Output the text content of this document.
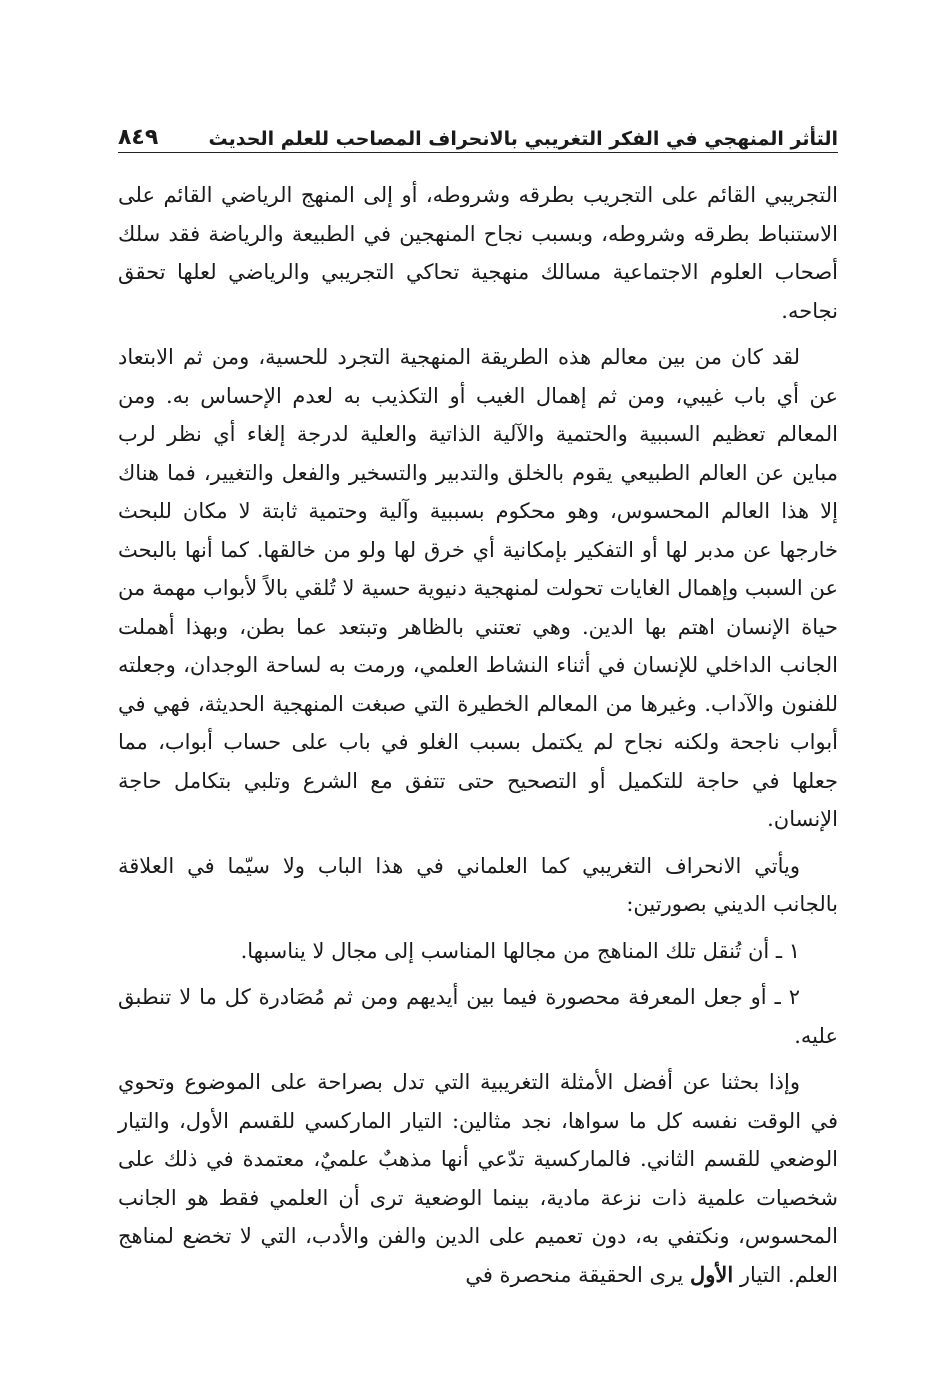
التأثر المنهجي في الفكر التغريبي بالانحراف المصاحب للعلم الحديث
٨٤٩

التجريبي القائم على التجريب بطرقه وشروطه، أو إلى المنهج الرياضي القائم على الاستنباط بطرقه وشروطه، وبسبب نجاح المنهجين في الطبيعة والرياضة فقد سلك أصحاب العلوم الاجتماعية مسالك منهجية تحاكي التجريبي والرياضي لعلها تحقق نجاحه.

لقد كان من بين معالم هذه الطريقة المنهجية التجرد للحسية، ومن ثم الابتعاد عن أي باب غيبي، ومن ثم إهمال الغيب أو التكذيب به لعدم الإحساس به. ومن المعالم تعظيم السببية والحتمية والآلية الذاتية والعلية لدرجة إلغاء أي نظر لرب مباين عن العالم الطبيعي يقوم بالخلق والتدبير والتسخير والفعل والتغيير، فما هناك إلا هذا العالم المحسوس، وهو محكوم بسببية وآلية وحتمية ثابتة لا مكان للبحث خارجها عن مدبر لها أو التفكير بإمكانية أي خرق لها ولو من خالقها. كما أنها بالبحث عن السبب وإهمال الغايات تحولت لمنهجية دنيوية حسية لا تُلقي بالاً لأبواب مهمة من حياة الإنسان اهتم بها الدين. وهي تعتني بالظاهر وتبتعد عما بطن، وبهذا أهملت الجانب الداخلي للإنسان في أثناء النشاط العلمي، ورمت به لساحة الوجدان، وجعلته للفنون والآداب. وغيرها من المعالم الخطيرة التي صبغت المنهجية الحديثة، فهي في أبواب ناجحة ولكنه نجاح لم يكتمل بسبب الغلو في باب على حساب أبواب، مما جعلها في حاجة للتكميل أو التصحيح حتى تتفق مع الشرع وتلبي بتكامل حاجة الإنسان.

ويأتي الانحراف التغريبي كما العلماني في هذا الباب ولا سيّما في العلاقة بالجانب الديني بصورتين:

١ ـ أن تُنقل تلك المناهج من مجالها المناسب إلى مجال لا يناسبها.

٢ ـ أو جعل المعرفة محصورة فيما بين أيديهم ومن ثم مُصَادرة كل ما لا تنطبق عليه.

وإذا بحثنا عن أفضل الأمثلة التغريبية التي تدل بصراحة على الموضوع وتحوي في الوقت نفسه كل ما سواها، نجد مثالين: التيار الماركسي للقسم الأول، والتيار الوضعي للقسم الثاني. فالماركسية تدّعي أنها مذهبٌ علميٌ، معتمدة في ذلك على شخصيات علمية ذات نزعة مادية، بينما الوضعية ترى أن العلمي فقط هو الجانب المحسوس، ونكتفي به، دون تعميم على الدين والفن والأدب، التي لا تخضع لمناهج العلم. التيار الأول يرى الحقيقة منحصرة في
